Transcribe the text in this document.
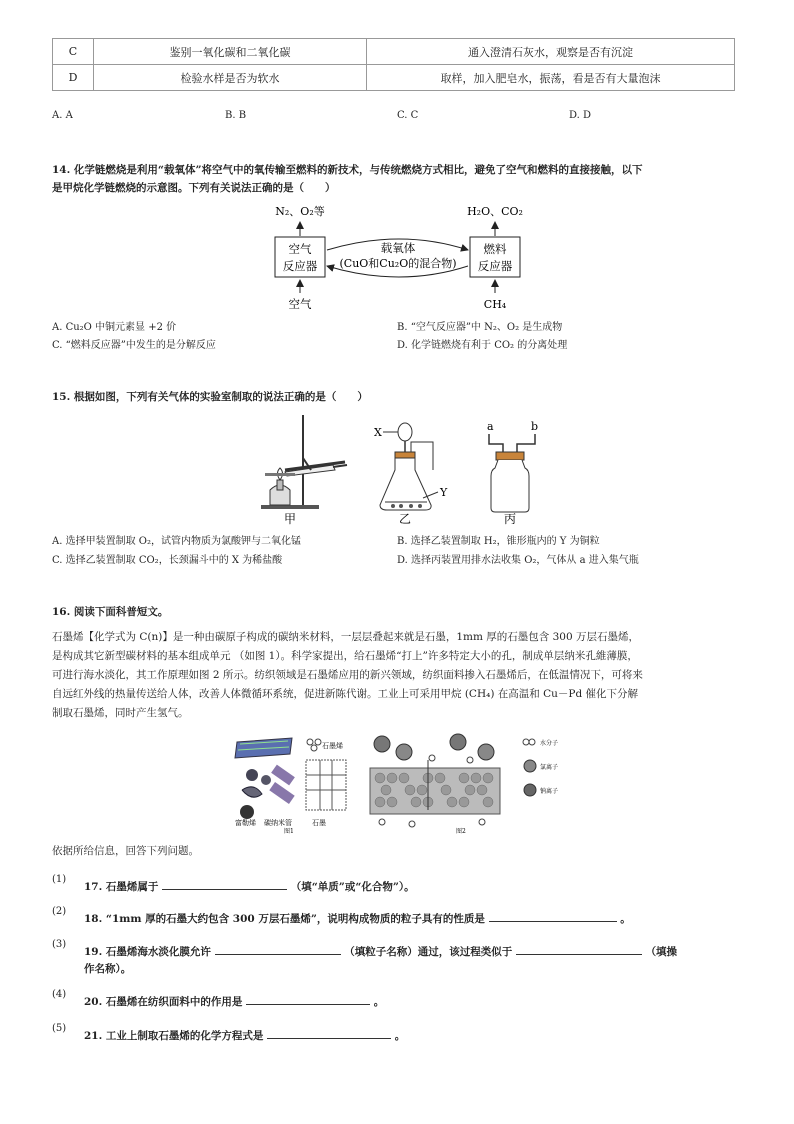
C	鉴别一氧化碳和二氧化碳	通入澄清石灰水，观察是否有沉淀
D	检验水样是否为软水	取样，加入肥皂水，振荡，看是否有大量泡沫
A. A	B. B	C. C	D. D
14. 化学链燃烧是利用“载氧体”将空气中的氧传输至燃料的新技术，与传统燃烧方式相比，避免了空气和燃料的直接接触，以下
是甲烷化学链燃烧的示意图。下列有关说法正确的是（　　）
N₂、O₂等	H₂O、CO₂
空气
反应器
燃料
反应器
载氧体
(CuO和Cu₂O的混合物)
空气	CH₄
A. Cu₂O 中铜元素显 +2 价	B. “空气反应器”中 N₂、O₂ 是生成物
C. “燃料反应器”中发生的是分解反应	D. 化学链燃烧有利于 CO₂ 的分离处理
15. 根据如图，下列有关气体的实验室制取的说法正确的是（　　）
甲
X
Y
乙
a	b
丙
A. 选择甲装置制取 O₂，试管内物质为氯酸钾与二氧化锰	B. 选择乙装置制取 H₂，锥形瓶内的 Y 为铜粒
C. 选择乙装置制取 CO₂，长颈漏斗中的 X 为稀盐酸	D. 选择丙装置用排水法收集 O₂，气体从 a 进入集气瓶
16. 阅读下面科普短文。
石墨烯【化学式为 C(n)】是一种由碳原子构成的碳纳米材料，一层层叠起来就是石墨，1mm 厚的石墨包含 300 万层石墨烯，
是构成其它新型碳材料的基本组成单元 （如图 1）。科学家提出，给石墨烯“打上”许多特定大小的孔，制成单层纳米孔維薄膜，
可进行海水淡化，其工作原理如图 2 所示。纺织领域是石墨烯应用的新兴领域，纺织面料掺入石墨烯后，在低温情况下，可将来
自远红外线的热量传送给人体，改善人体微循环系统，促进新陈代谢。工业上可采用甲烷 (CH₄) 在高温和 Cu－Pd 催化下分解
制取石墨烯，同时产生氢气。
石墨烯
富勒烯 碳纳米管	石墨
图1	图2
水分子
氯离子
钠离子
依据所给信息，回答下列问题。
(1)
17. 石墨烯属于	（填“单质”或“化合物”）。
(2)
18. “1mm 厚的石墨大约包含 300 万层石墨烯”，说明构成物质的粒子具有的性质是	。
(3)
19. 石墨烯海水淡化膜允许	（填粒子名称）通过，该过程类似于	（填操
作名称）。
(4)
20. 石墨烯在纺织面料中的作用是	。
(5)
21. 工业上制取石墨烯的化学方程式是	。
